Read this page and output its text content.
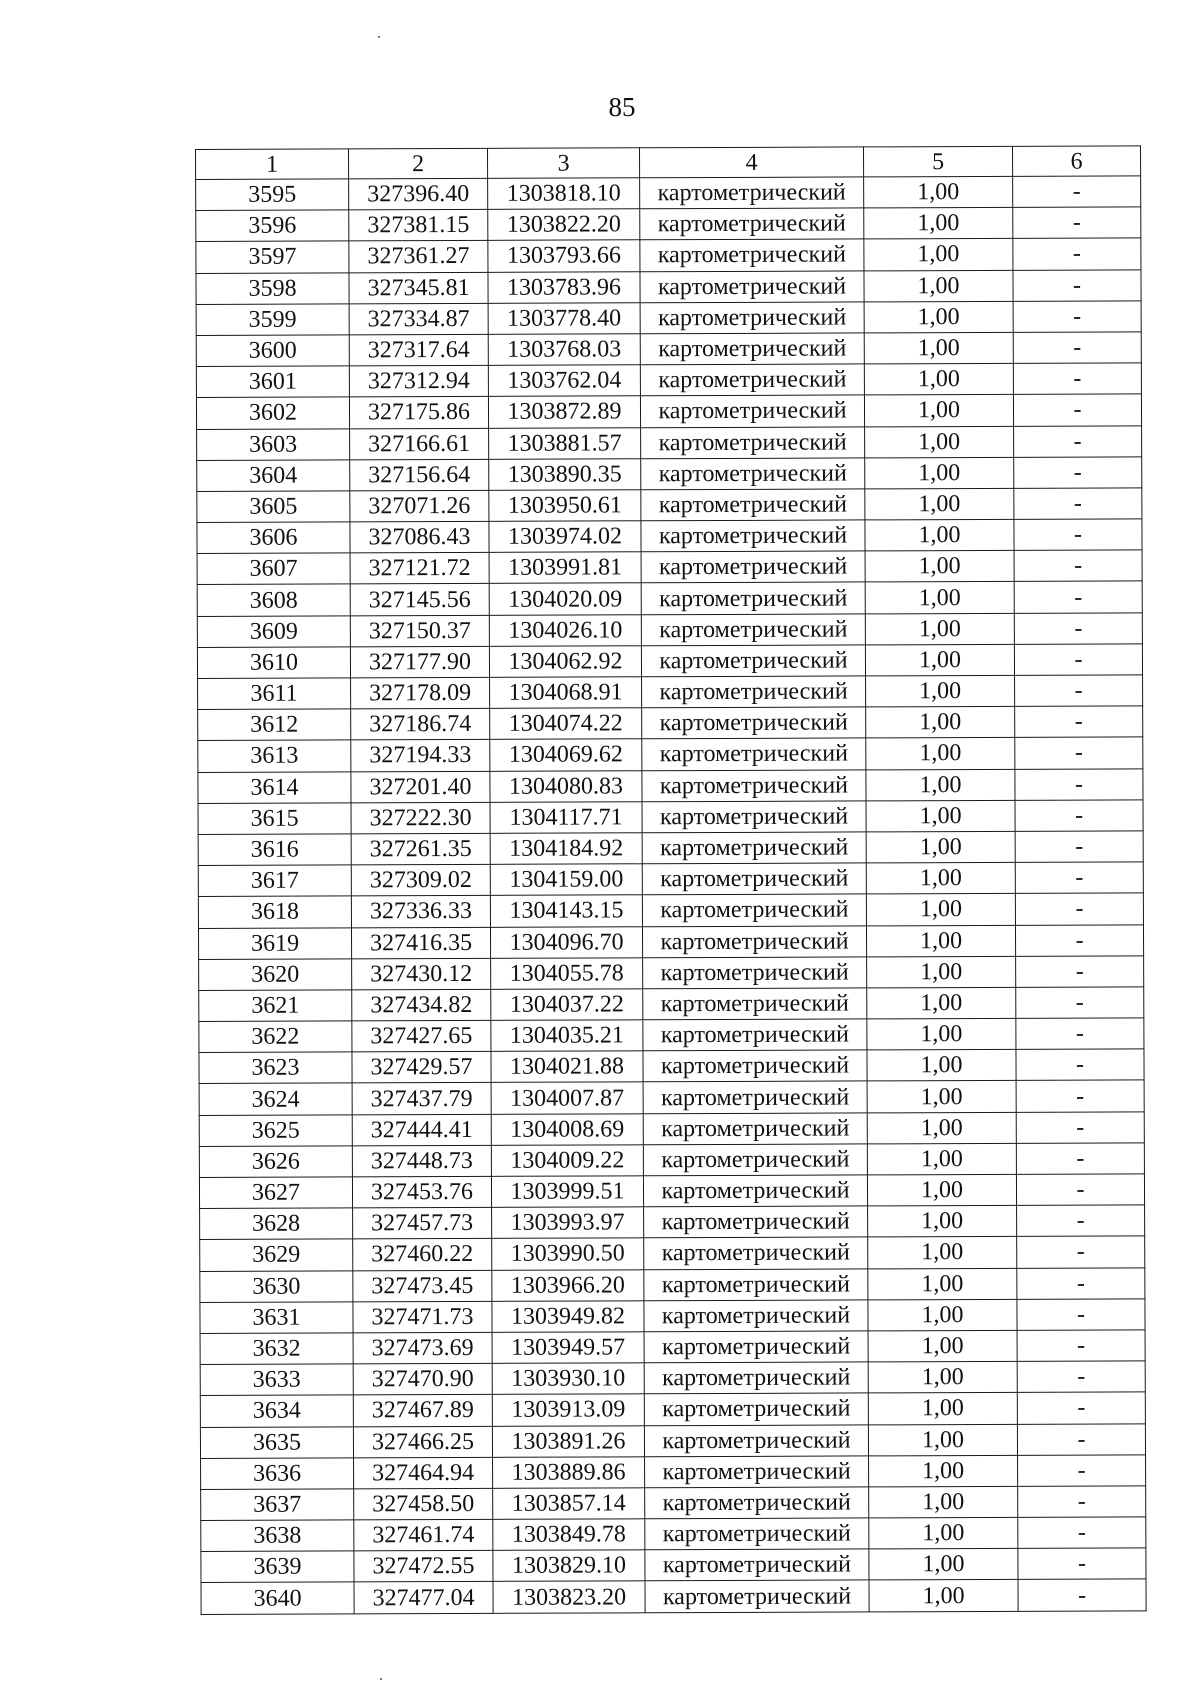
85
1	2	3	4	5	6
3595	327396.40	1303818.10	картометрический	1,00	-
3596	327381.15	1303822.20	картометрический	1,00	-
3597	327361.27	1303793.66	картометрический	1,00	-
3598	327345.81	1303783.96	картометрический	1,00	-
3599	327334.87	1303778.40	картометрический	1,00	-
3600	327317.64	1303768.03	картометрический	1,00	-
3601	327312.94	1303762.04	картометрический	1,00	-
3602	327175.86	1303872.89	картометрический	1,00	-
3603	327166.61	1303881.57	картометрический	1,00	-
3604	327156.64	1303890.35	картометрический	1,00	-
3605	327071.26	1303950.61	картометрический	1,00	-
3606	327086.43	1303974.02	картометрический	1,00	-
3607	327121.72	1303991.81	картометрический	1,00	-
3608	327145.56	1304020.09	картометрический	1,00	-
3609	327150.37	1304026.10	картометрический	1,00	-
3610	327177.90	1304062.92	картометрический	1,00	-
3611	327178.09	1304068.91	картометрический	1,00	-
3612	327186.74	1304074.22	картометрический	1,00	-
3613	327194.33	1304069.62	картометрический	1,00	-
3614	327201.40	1304080.83	картометрический	1,00	-
3615	327222.30	1304117.71	картометрический	1,00	-
3616	327261.35	1304184.92	картометрический	1,00	-
3617	327309.02	1304159.00	картометрический	1,00	-
3618	327336.33	1304143.15	картометрический	1,00	-
3619	327416.35	1304096.70	картометрический	1,00	-
3620	327430.12	1304055.78	картометрический	1,00	-
3621	327434.82	1304037.22	картометрический	1,00	-
3622	327427.65	1304035.21	картометрический	1,00	-
3623	327429.57	1304021.88	картометрический	1,00	-
3624	327437.79	1304007.87	картометрический	1,00	-
3625	327444.41	1304008.69	картометрический	1,00	-
3626	327448.73	1304009.22	картометрический	1,00	-
3627	327453.76	1303999.51	картометрический	1,00	-
3628	327457.73	1303993.97	картометрический	1,00	-
3629	327460.22	1303990.50	картометрический	1,00	-
3630	327473.45	1303966.20	картометрический	1,00	-
3631	327471.73	1303949.82	картометрический	1,00	-
3632	327473.69	1303949.57	картометрический	1,00	-
3633	327470.90	1303930.10	картометрический	1,00	-
3634	327467.89	1303913.09	картометрический	1,00	-
3635	327466.25	1303891.26	картометрический	1,00	-
3636	327464.94	1303889.86	картометрический	1,00	-
3637	327458.50	1303857.14	картометрический	1,00	-
3638	327461.74	1303849.78	картометрический	1,00	-
3639	327472.55	1303829.10	картометрический	1,00	-
3640	327477.04	1303823.20	картометрический	1,00	-
